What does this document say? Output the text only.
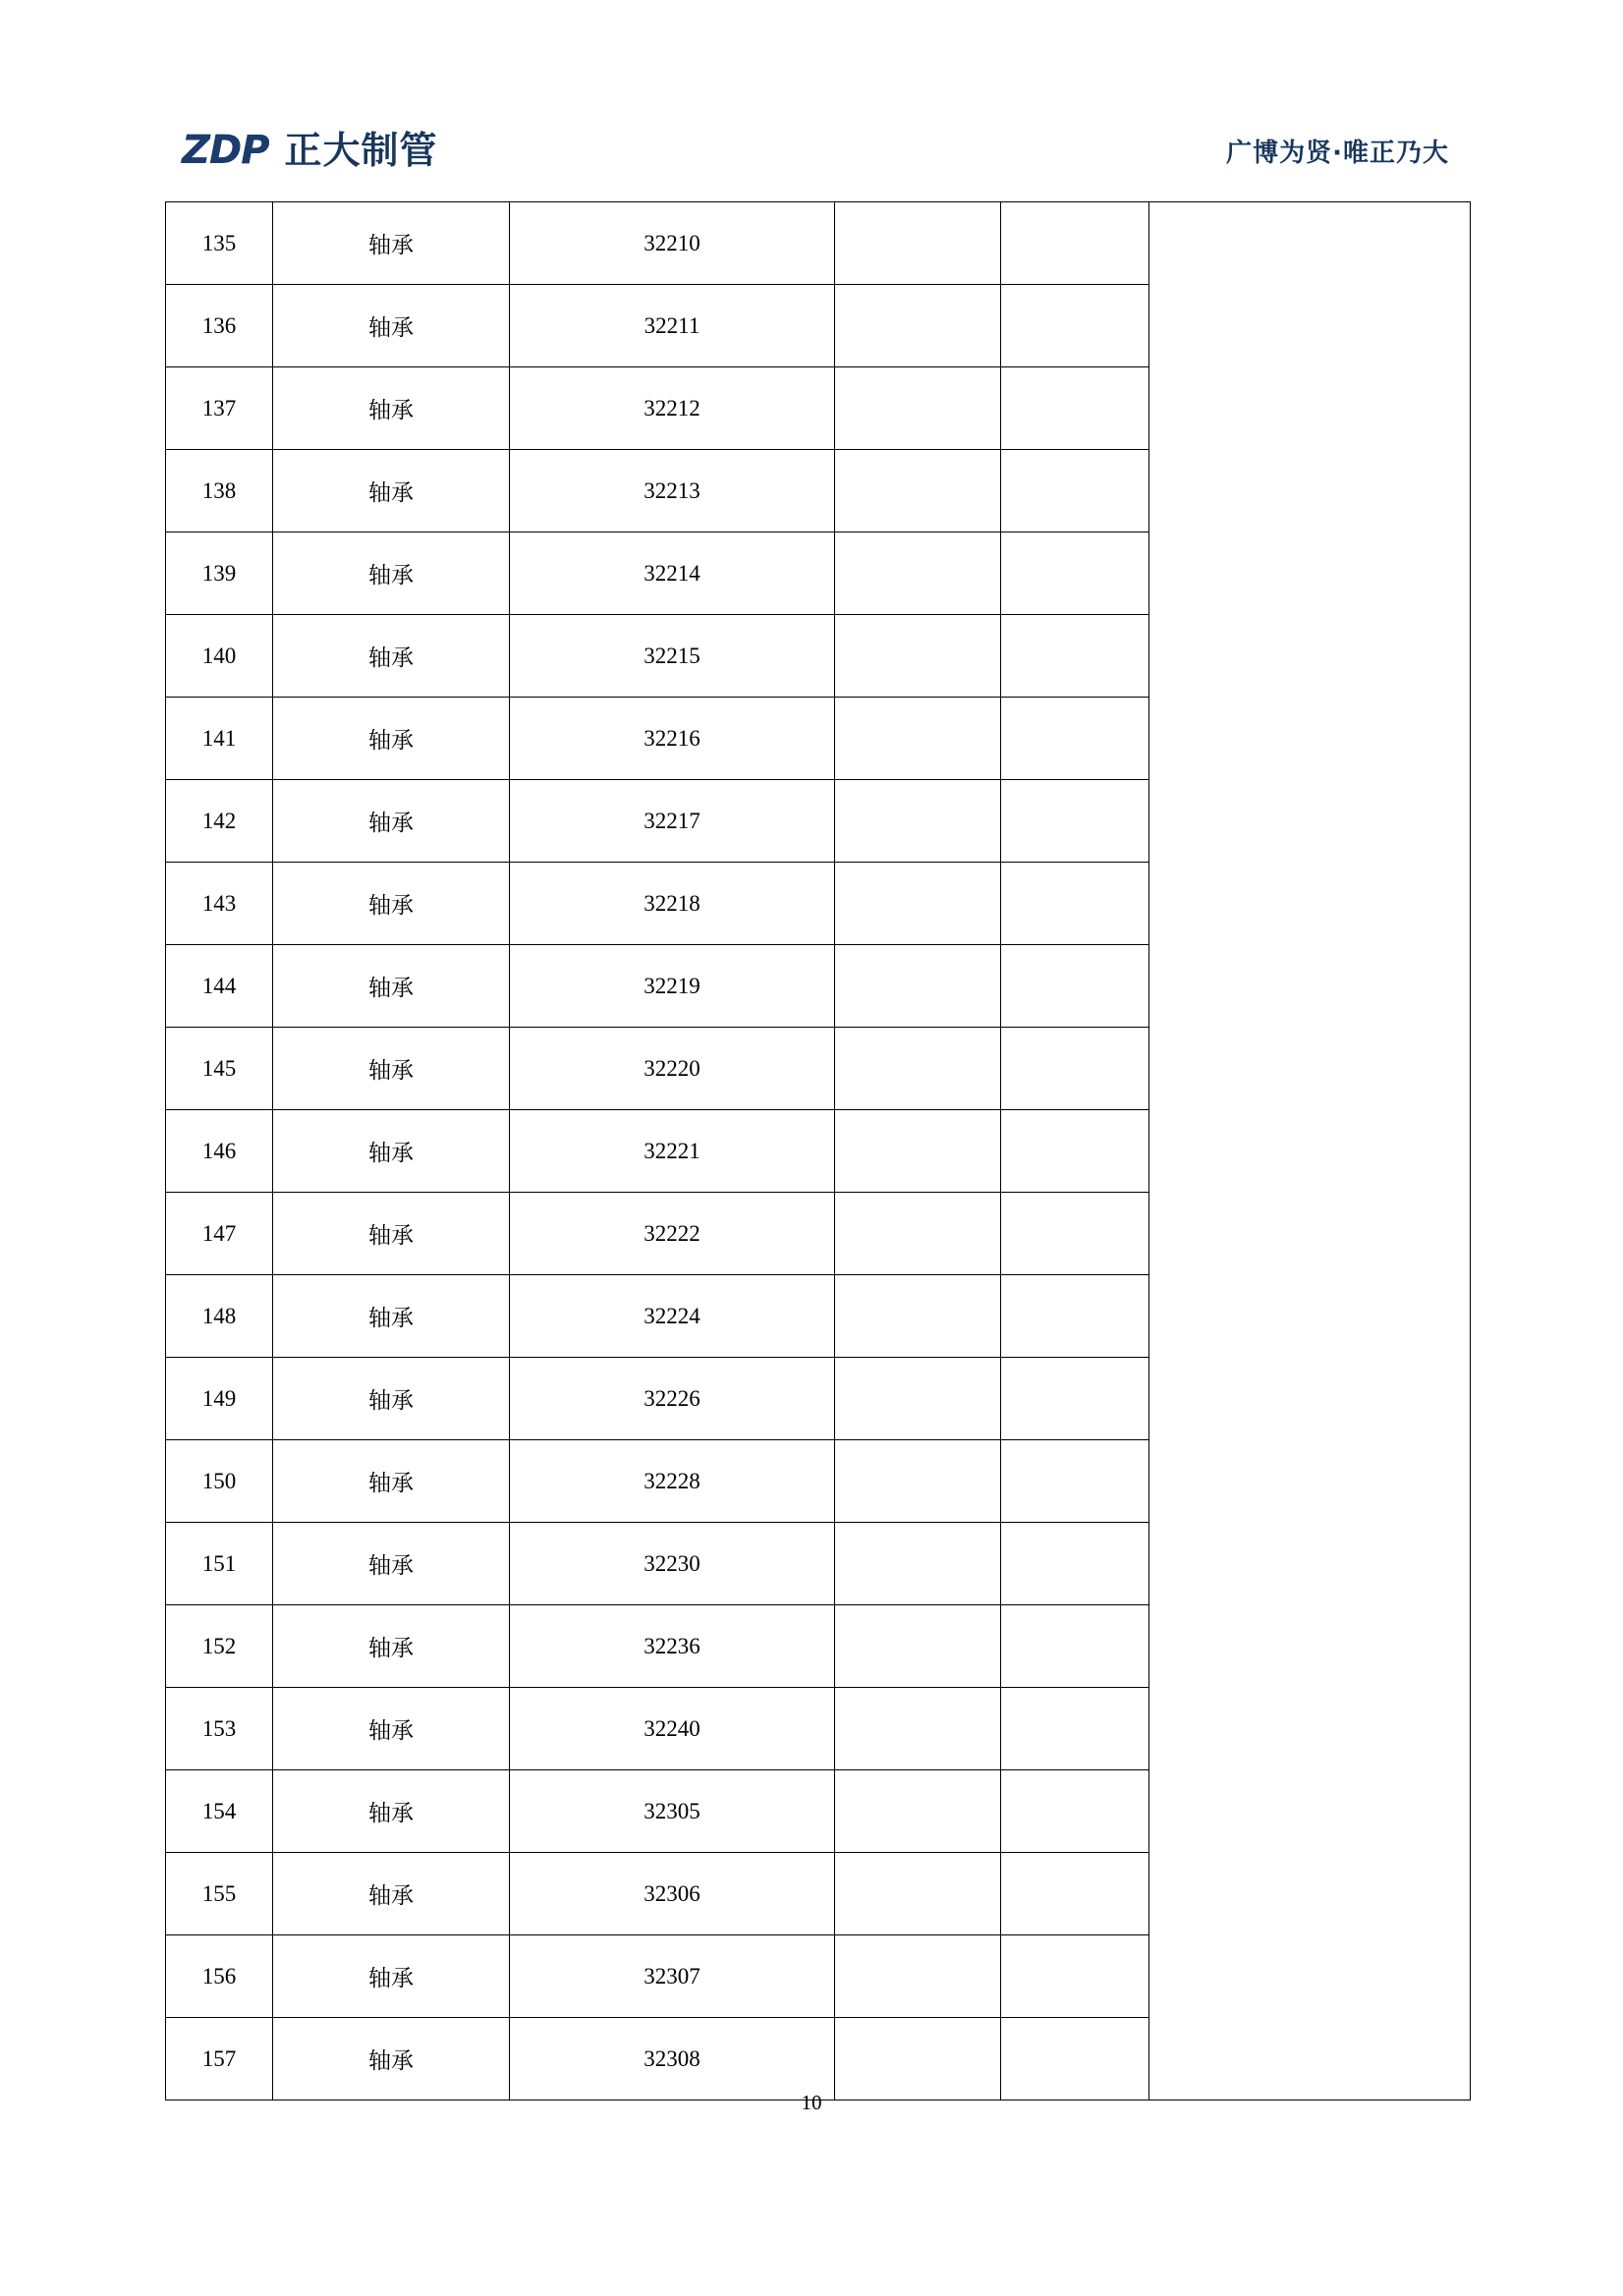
ZDP 正大制管	广博为贤·唯正乃大
135	轴承	32210			
136	轴承	32211			
137	轴承	32212			
138	轴承	32213			
139	轴承	32214			
140	轴承	32215			
141	轴承	32216			
142	轴承	32217			
143	轴承	32218			
144	轴承	32219			
145	轴承	32220			
146	轴承	32221			
147	轴承	32222			
148	轴承	32224			
149	轴承	32226			
150	轴承	32228			
151	轴承	32230			
152	轴承	32236			
153	轴承	32240			
154	轴承	32305			
155	轴承	32306			
156	轴承	32307			
157	轴承	32308			
10
